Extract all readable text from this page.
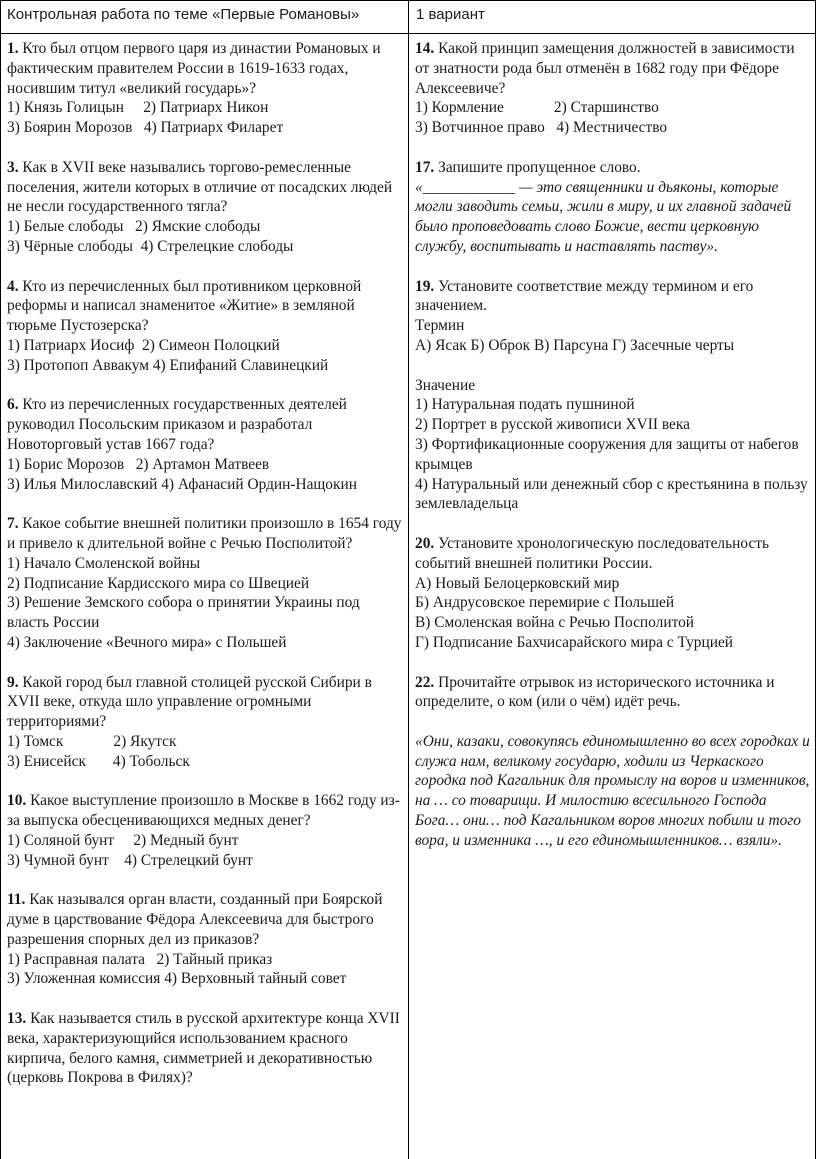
Контрольная работа по теме «Первые Романовы»	1 вариант

1. Кто был отцом первого царя из династии Романовых и фактическим правителем России в 1619-1633 годах, носившим титул «великий государь»?

1) Князь Голицын     2) Патриарх Никон

3) Боярин Морозов   4) Патриарх Филарет

3. Как в XVII веке назывались торгово-ремесленные поселения, жители которых в отличие от посадских людей не несли государственного тягла?

1) Белые слободы   2) Ямские слободы

3) Чёрные слободы  4) Стрелецкие слободы

4. Кто из перечисленных был противником церковной реформы и написал знаменитое «Житие» в земляной тюрьме Пустозерска?

1) Патриарх Иосиф  2) Симеон Полоцкий

3) Протопоп Аввакум 4) Епифаний Славинецкий

6. Кто из перечисленных государственных деятелей руководил Посольским приказом и разработал Новоторговый устав 1667 года?

1) Борис Морозов   2) Артамон Матвеев

3) Илья Милославский 4) Афанасий Ордин-Нащокин

7. Какое событие внешней политики произошло в 1654 году и привело к длительной войне с Речью Посполитой?

1) Начало Смоленской войны

2) Подписание Кардисского мира со Швецией

3) Решение Земского собора о принятии Украины под власть России

4) Заключение «Вечного мира» с Польшей

9. Какой город был главной столицей русской Сибири в XVII веке, откуда шло управление огромными территориями?

1) Томск             2) Якутск

3) Енисейск       4) Тобольск

10. Какое выступление произошло в Москве в 1662 году из-за выпуска обесценивающихся медных денег?

1) Соляной бунт     2) Медный бунт

3) Чумной бунт    4) Стрелецкий бунт

11. Как назывался орган власти, созданный при Боярской думе в царствование Фёдора Алексеевича для быстрого разрешения спорных дел из приказов?

1) Расправная палата   2) Тайный приказ

3) Уложенная комиссия 4) Верховный тайный совет

13. Как называется стиль в русской архитектуре конца XVII века, характеризующийся использованием красного кирпича, белого камня, симметрией и декоративностью (церковь Покрова в Филях)?

14. Какой принцип замещения должностей в зависимости от знатности рода был отменён в 1682 году при Фёдоре Алексеевиче?

1) Кормление             2) Старшинство

3) Вотчинное право   4) Местничество

17. Запишите пропущенное слово.

«____________ — это священники и дьяконы, которые могли заводить семьи, жили в миру, и их главной задачей было проповедовать слово Божие, вести церковную службу, воспитывать и наставлять паству».

19. Установите соответствие между термином и его значением.

Термин

А) Ясак Б) Оброк В) Парсуна Г) Засечные черты

Значение

1) Натуральная подать пушниной

2) Портрет в русской живописи XVII века

3) Фортификационные сооружения для защиты от набегов крымцев

4) Натуральный или денежный сбор с крестьянина в пользу землевладельца

20. Установите хронологическую последовательность событий внешней политики России.

А) Новый Белоцерковский мир

Б) Андрусовское перемирие с Польшей

В) Смоленская война с Речью Посполитой

Г) Подписание Бахчисарайского мира с Турцией

22. Прочитайте отрывок из исторического источника и определите, о ком (или о чём) идёт речь.

«Они, казаки, совокупясь единомышленно во всех городках и служа нам, великому государю, ходили из Черкаского городка под Кагальник для промыслу на воров и изменников, на … со товарищи. И милостию всесильного Господа Бога… они… под Кагальником воров многих побили и того вора, и изменника …, и его единомышленников… взяли».
